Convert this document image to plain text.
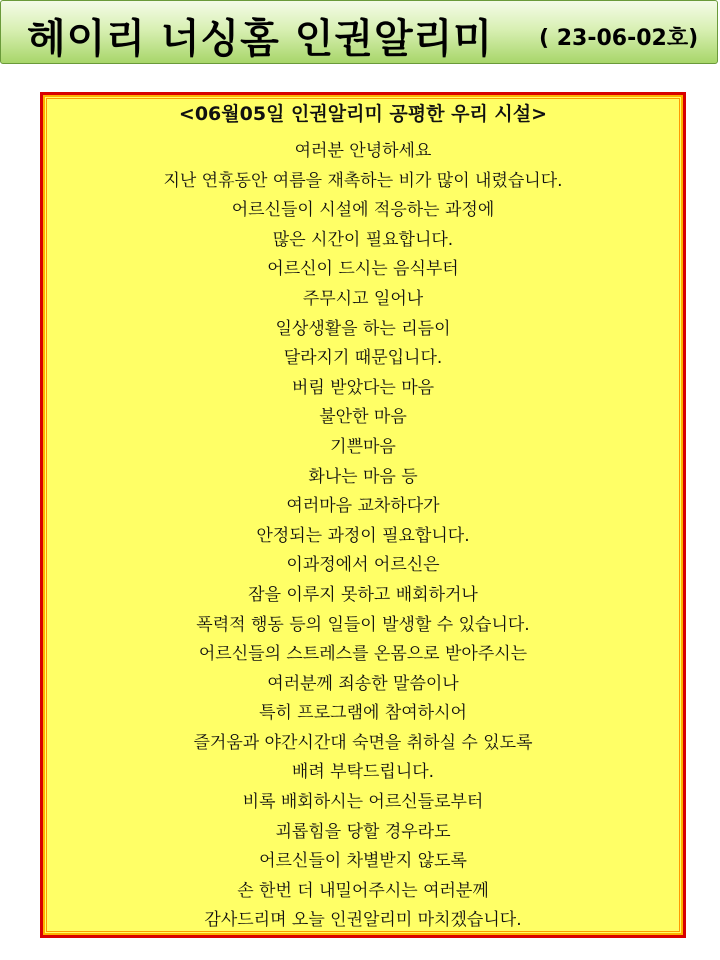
헤이리 너싱홈 인권알리미 ( 23-06-02호)
<06월05일 인권알리미 공평한 우리 시설>
여러분 안녕하세요
지난 연휴동안 여름을 재촉하는 비가 많이 내렸습니다.
어르신들이 시설에 적응하는 과정에
많은 시간이 필요합니다.
어르신이 드시는 음식부터
주무시고 일어나
일상생활을 하는 리듬이
달라지기 때문입니다.
버림 받았다는 마음
불안한 마음
기쁜마음
화나는 마음 등
여러마음 교차하다가
안정되는 과정이 필요합니다.
이과정에서 어르신은
잠을 이루지 못하고 배회하거나
폭력적 행동 등의 일들이 발생할 수 있습니다.
어르신들의 스트레스를 온몸으로 받아주시는
여러분께 죄송한 말씀이나
특히 프로그램에 참여하시어
즐거움과 야간시간대 숙면을 취하실 수 있도록
배려 부탁드립니다.
비록 배회하시는 어르신들로부터
괴롭힘을 당할 경우라도
어르신들이 차별받지 않도록
손 한번 더 내밀어주시는 여러분께
감사드리며 오늘 인권알리미 마치겠습니다.
